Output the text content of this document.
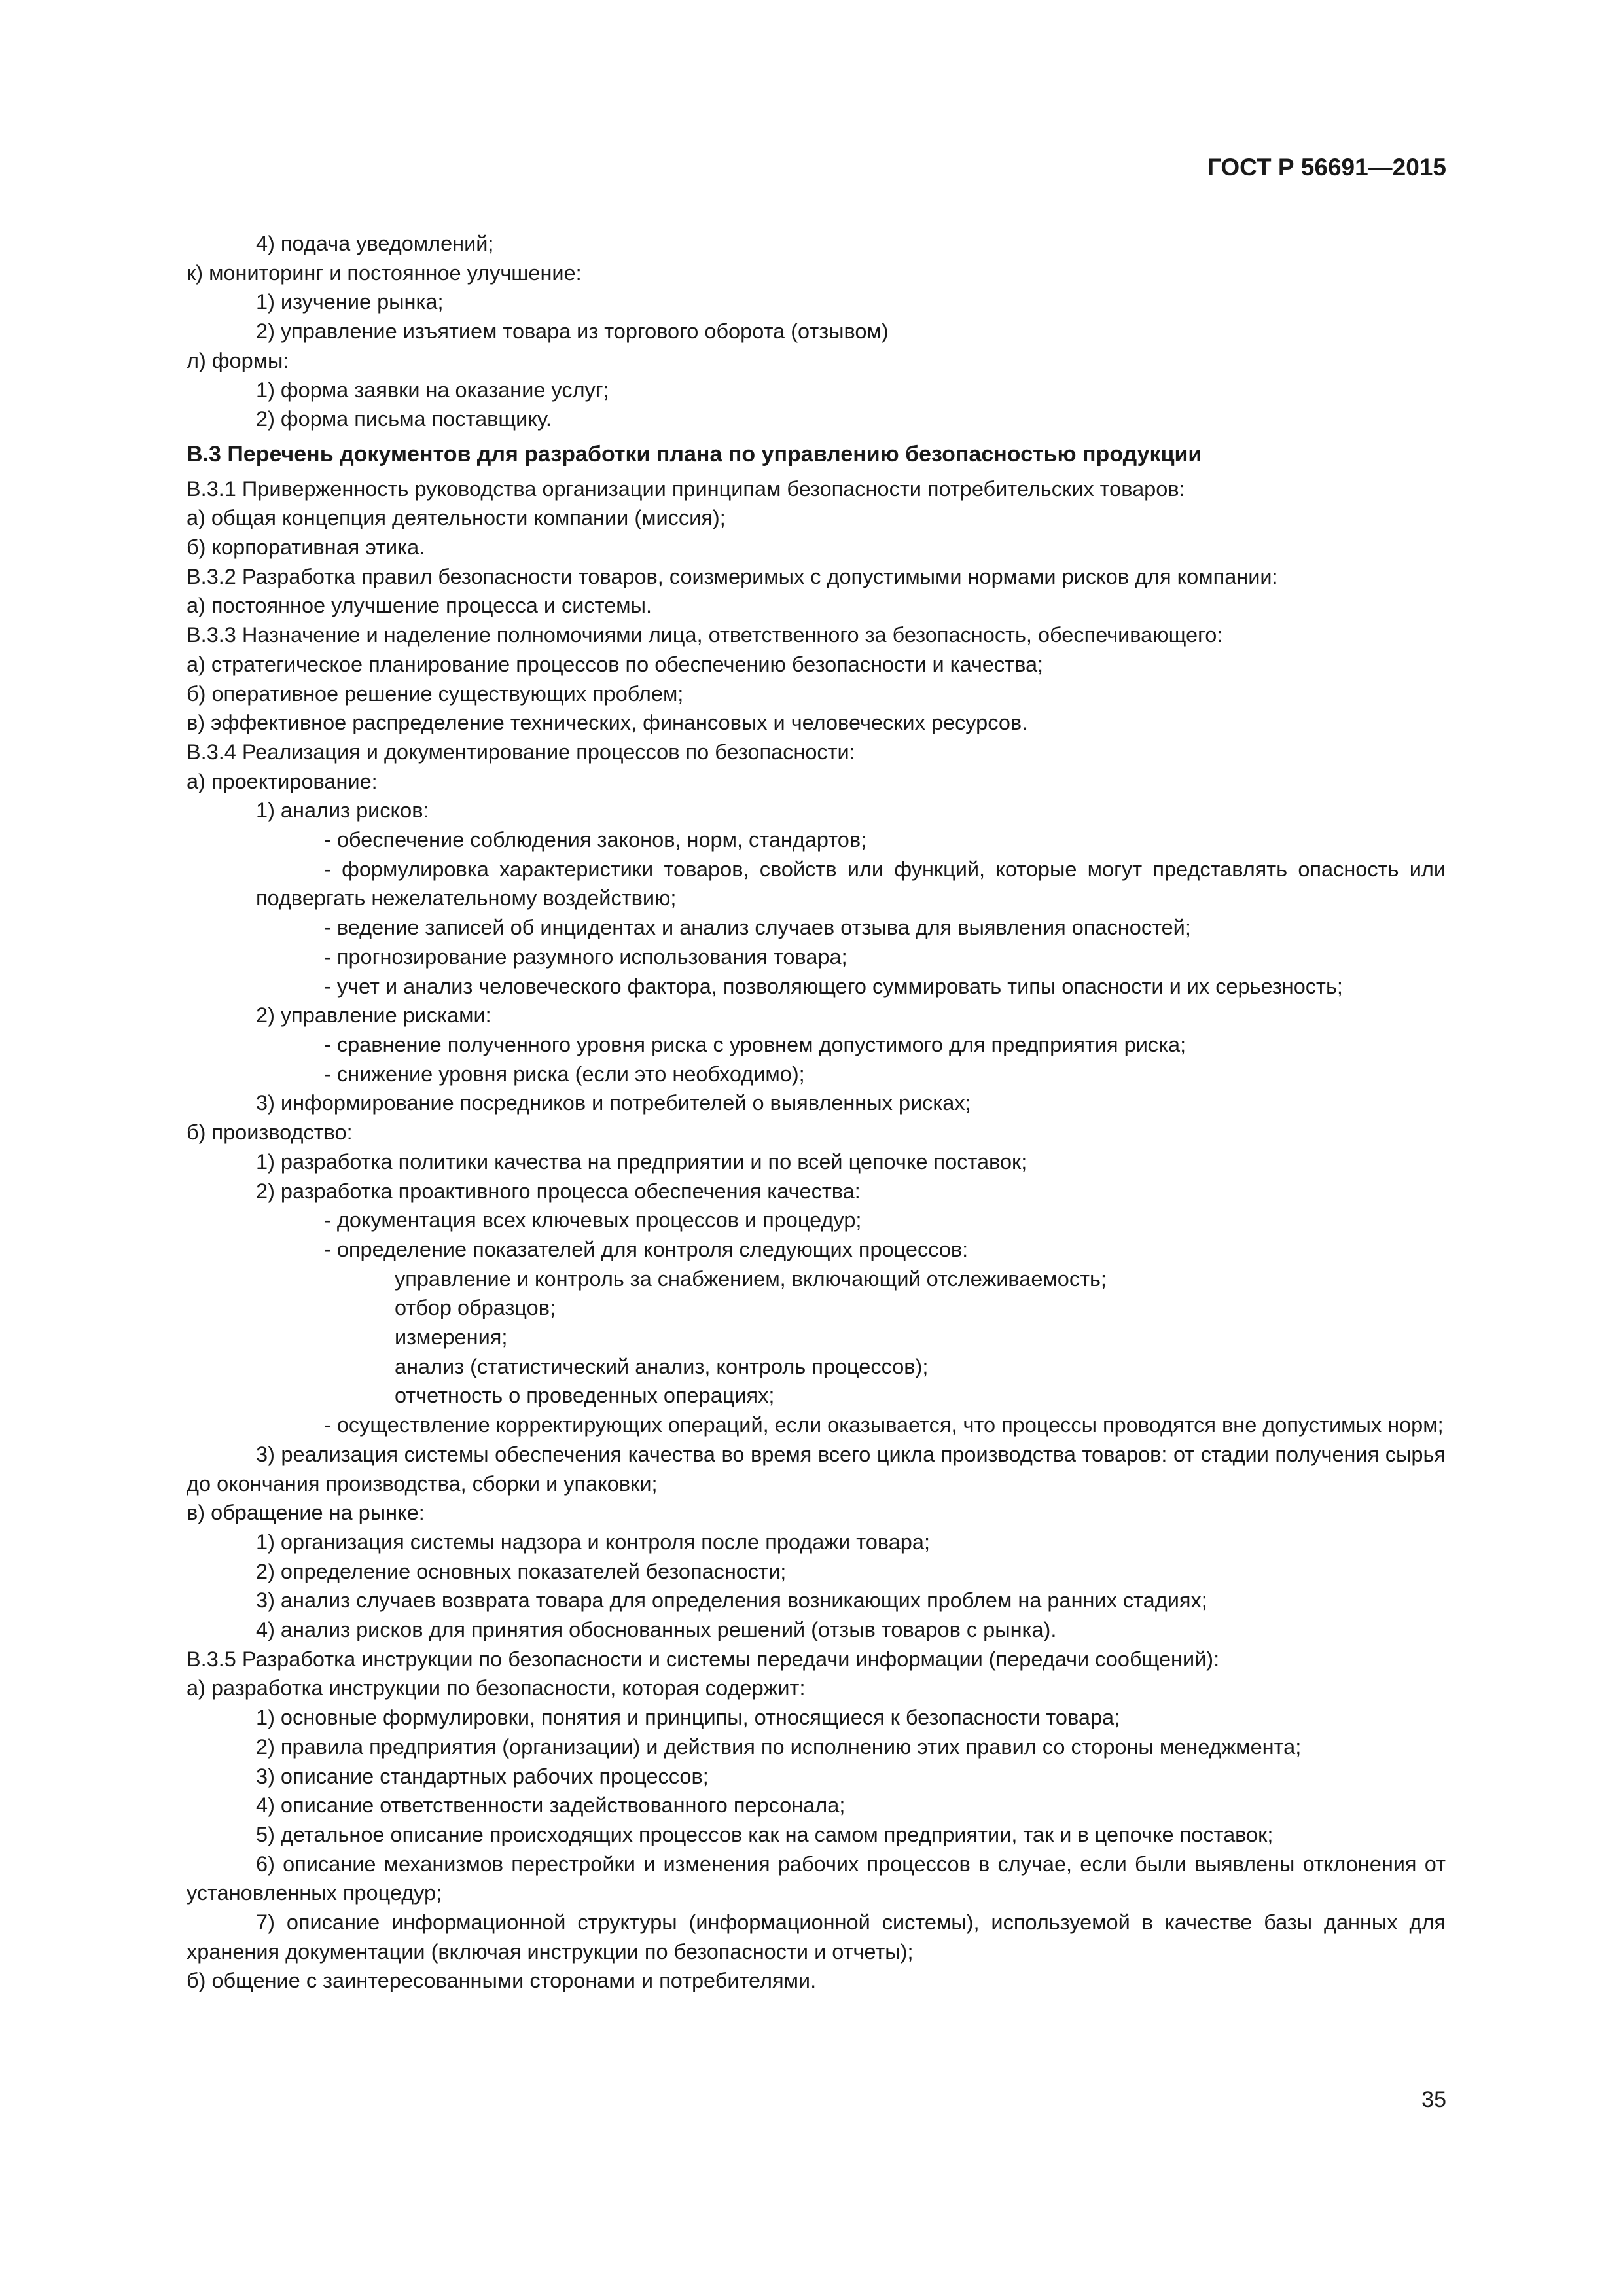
ГОСТ Р 56691—2015

4) подача уведомлений;

к) мониторинг и постоянное улучшение:

1) изучение рынка;

2) управление изъятием товара из торгового оборота (отзывом)

л) формы:

1) форма заявки на оказание услуг;

2) форма письма поставщику.

В.3 Перечень документов для разработки плана по управлению безопасностью продукции

В.3.1 Приверженность руководства организации принципам безопасности потребительских товаров:

а) общая концепция деятельности компании (миссия);

б) корпоративная этика.

В.3.2 Разработка правил безопасности товаров, соизмеримых с допустимыми нормами рисков для компании:

а) постоянное улучшение процесса и системы.

В.3.3 Назначение и наделение полномочиями лица, ответственного за безопасность, обеспечивающего:

а) стратегическое планирование процессов по обеспечению безопасности и качества;

б) оперативное решение существующих проблем;

в) эффективное распределение технических, финансовых и человеческих ресурсов.

В.3.4 Реализация и документирование процессов по безопасности:

а) проектирование:

1) анализ рисков:

- обеспечение соблюдения законов, норм, стандартов;

- формулировка характеристики товаров, свойств или функций, которые могут представлять опасность или подвергать нежелательному воздействию;

- ведение записей об инцидентах и анализ случаев отзыва для выявления опасностей;

- прогнозирование разумного использования товара;

- учет и анализ человеческого фактора, позволяющего суммировать типы опасности и их серьезность;

2) управление рисками:

- сравнение полученного уровня риска с уровнем допустимого для предприятия риска;

- снижение уровня риска (если это необходимо);

3) информирование посредников и потребителей о выявленных рисках;

б) производство:

1) разработка политики качества на предприятии и по всей цепочке поставок;

2) разработка проактивного процесса обеспечения качества:

- документация всех ключевых процессов и процедур;

- определение показателей для контроля следующих процессов:

управление и контроль за снабжением, включающий отслеживаемость;

отбор образцов;

измерения;

анализ (статистический анализ, контроль процессов);

отчетность о проведенных операциях;

- осуществление корректирующих операций, если оказывается, что процессы проводятся вне допустимых норм;

3) реализация системы обеспечения качества во время всего цикла производства товаров: от стадии получения сырья до окончания производства, сборки и упаковки;

в) обращение на рынке:

1) организация системы надзора и контроля после продажи товара;

2) определение основных показателей безопасности;

3) анализ случаев возврата товара для определения возникающих проблем на ранних стадиях;

4) анализ рисков для принятия обоснованных решений (отзыв товаров с рынка).

В.3.5 Разработка инструкции по безопасности и системы передачи информации (передачи сообщений):

а) разработка инструкции по безопасности, которая содержит:

1) основные формулировки, понятия и принципы, относящиеся к безопасности товара;

2) правила предприятия (организации) и действия по исполнению этих правил со стороны менеджмента;

3) описание стандартных рабочих процессов;

4) описание ответственности задействованного персонала;

5) детальное описание происходящих процессов как на самом предприятии, так и в цепочке поставок;

6) описание механизмов перестройки и изменения рабочих процессов в случае, если были выявлены отклонения от установленных процедур;

7) описание информационной структуры (информационной системы), используемой в качестве базы данных для хранения документации (включая инструкции по безопасности и отчеты);

б) общение с заинтересованными сторонами и потребителями.

35
